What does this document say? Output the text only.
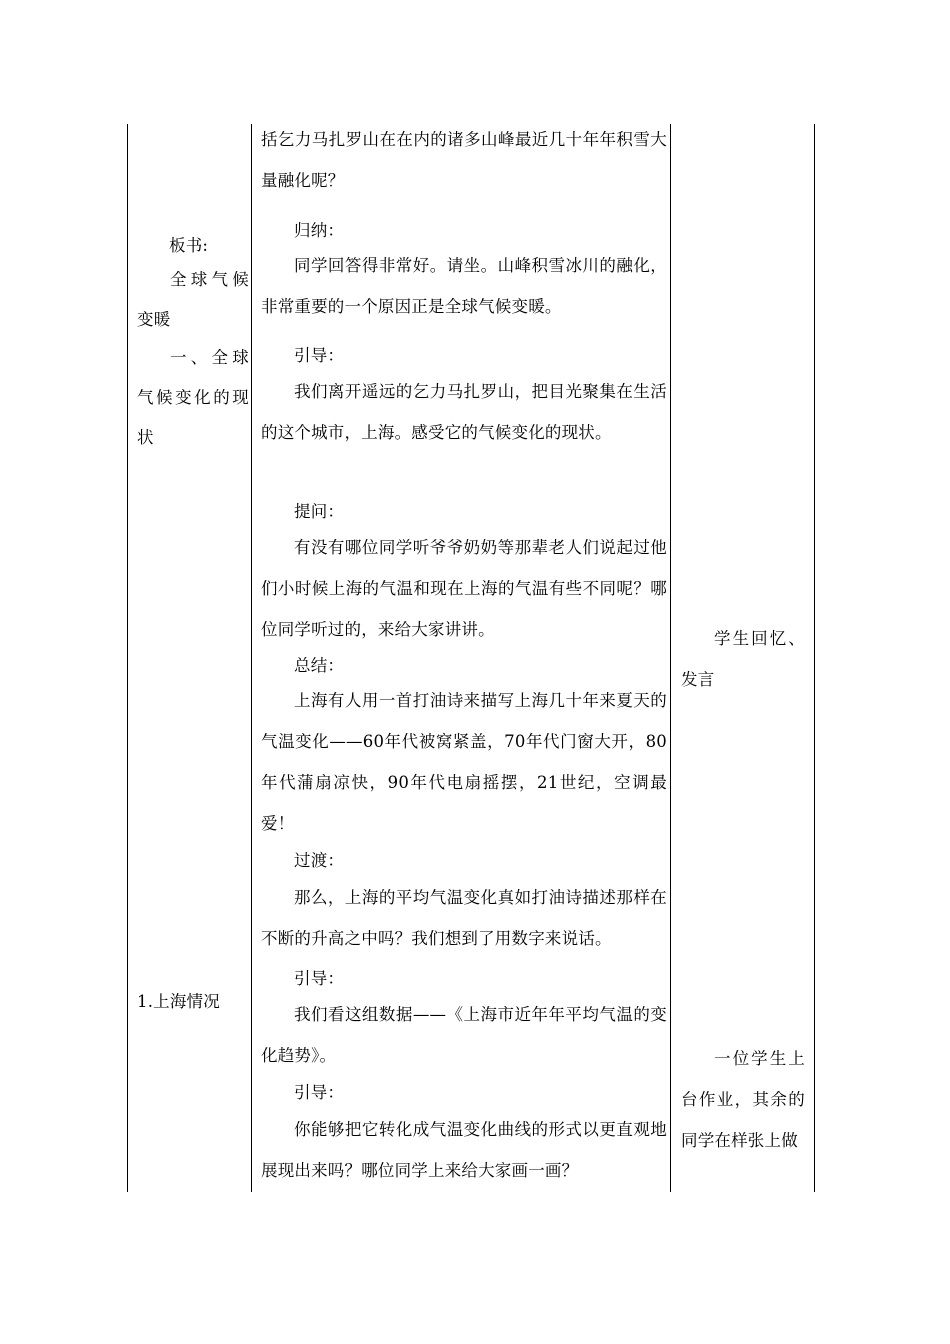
板书:
全球气候变暖
一、全球气候变化的现状
1.上海情况
括乞力马扎罗山在在内的诸多山峰最近几十年年积雪大量融化呢？
归纳：
同学回答得非常好。请坐。山峰积雪冰川的融化，非常重要的一个原因正是全球气候变暖。
引导：
我们离开遥远的乞力马扎罗山，把目光聚集在生活的这个城市，上海。感受它的气候变化的现状。
提问：
有没有哪位同学听爷爷奶奶等那辈老人们说起过他们小时候上海的气温和现在上海的气温有些不同呢？哪位同学听过的，来给大家讲讲。
总结：
上海有人用一首打油诗来描写上海几十年来夏天的气温变化——60年代被窝紧盖，70年代门窗大开，80年代蒲扇凉快，90年代电扇摇摆，21世纪，空调最爱！
过渡：
那么，上海的平均气温变化真如打油诗描述那样在不断的升高之中吗？我们想到了用数字来说话。
引导：
我们看这组数据——《上海市近年年平均气温的变化趋势》。
引导：
你能够把它转化成气温变化曲线的形式以更直观地展现出来吗？哪位同学上来给大家画一画？
学生回忆、发言
一位学生上台作业，其余的同学在样张上做
